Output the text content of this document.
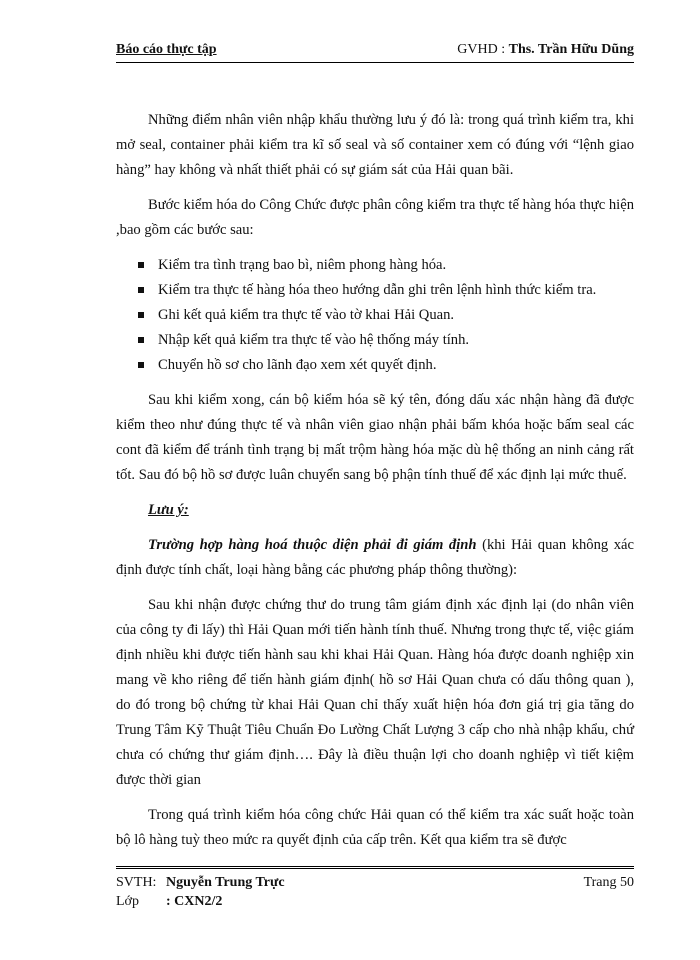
Báo cáo thực tập	GVHD : Ths. Trần Hữu Dũng

Những điểm nhân viên nhập khẩu thường lưu ý đó là: trong quá trình kiểm tra, khi mở seal, container phải kiểm tra kĩ số seal và số container xem có đúng với “lệnh giao hàng” hay không và nhất thiết phải có sự giám sát của Hải quan bãi.

Bước kiểm hóa do Công Chức được phân công kiểm tra thực tế hàng hóa thực hiện ,bao gồm các bước sau:

Kiểm tra tình trạng bao bì, niêm phong hàng hóa.
Kiểm tra thực tế hàng hóa theo hướng dẫn ghi trên lệnh hình thức kiểm tra.
Ghi kết quả kiểm tra thực tế vào tờ khai Hải Quan.
Nhập kết quả kiểm tra thực tế vào hệ thống máy tính.
Chuyển hồ sơ cho lãnh đạo xem xét quyết định.

Sau khi kiểm xong, cán bộ kiểm hóa sẽ ký tên, đóng dấu xác nhận hàng đã được kiểm theo như đúng thực tế và nhân viên giao nhận phải bấm khóa hoặc bấm seal các cont đã kiểm để tránh tình trạng bị mất trộm hàng hóa mặc dù hệ thống an ninh cảng rất tốt. Sau đó bộ hồ sơ được luân chuyển sang bộ phận tính thuế để xác định lại mức thuế.

Lưu ý:

Trường hợp hàng hoá thuộc diện phải đi giám định (khi Hải quan không xác định được tính chất, loại hàng bằng các phương pháp thông thường):

Sau khi nhận được chứng thư do trung tâm giám định xác định lại (do nhân viên của công ty đi lấy) thì Hải Quan mới tiến hành tính thuế. Nhưng trong thực tế, việc giám định nhiều khi được tiến hành sau khi khai Hải Quan. Hàng hóa được doanh nghiệp xin mang về kho riêng để tiến hành giám định( hồ sơ Hải Quan chưa có dấu thông quan ), do đó trong bộ chứng từ khai Hải Quan chỉ thấy xuất hiện hóa đơn giá trị gia tăng do Trung Tâm Kỹ Thuật Tiêu Chuẩn Đo Lường Chất Lượng 3 cấp cho nhà nhập khẩu, chứ chưa có chứng thư giám định…. Đây là điều thuận lợi cho doanh nghiệp vì tiết kiệm được thời gian

Trong quá trình kiểm hóa công chức Hải quan có thể kiểm tra xác suất hoặc toàn bộ lô hàng tuỳ theo mức ra quyết định của cấp trên. Kết qua kiểm tra sẽ được

SVTH: Nguyễn Trung Trực	Trang 50
Lớp : CXN2/2
